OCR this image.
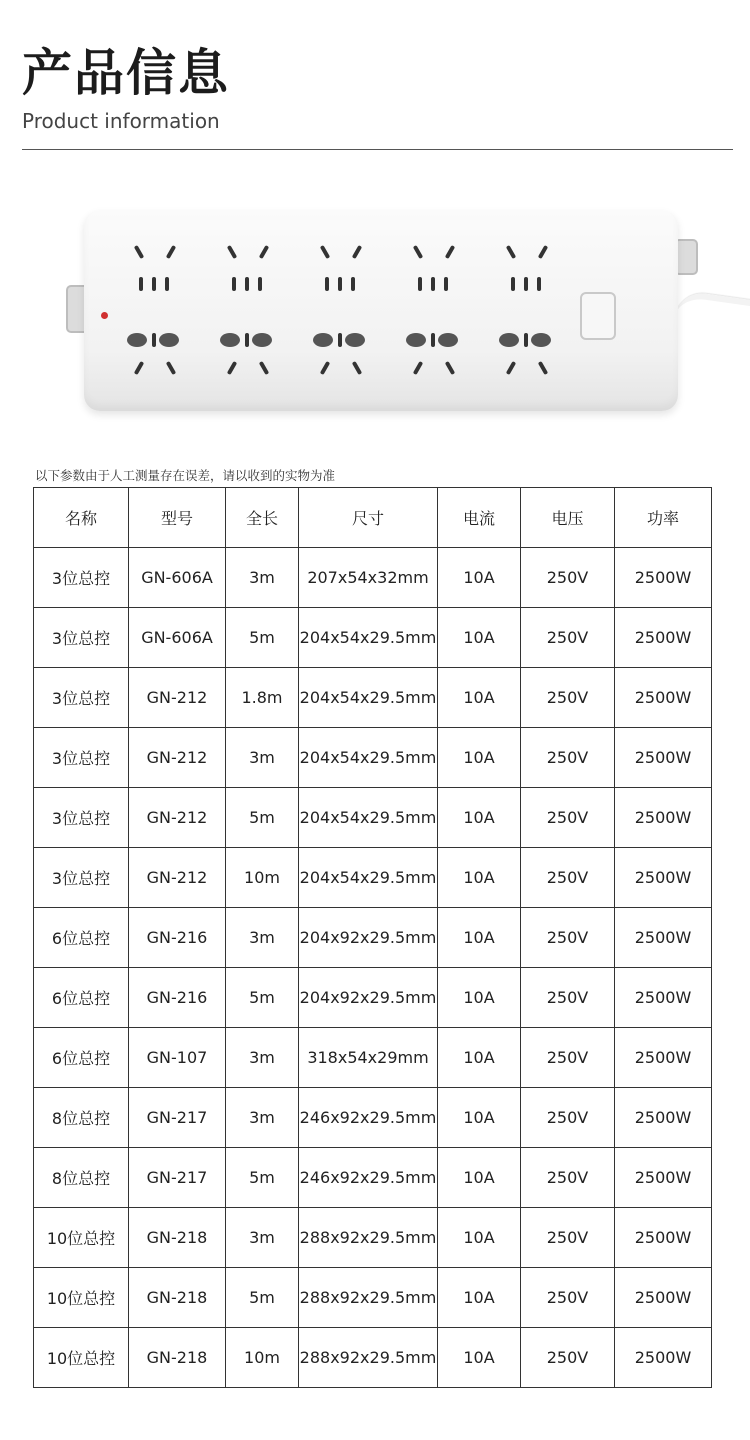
产品信息
Product information
以下参数由于人工测量存在误差，请以收到的实物为准
名称	型号	全长	尺寸	电流	电压	功率
3位总控	GN-606A	3m	207x54x32mm	10A	250V	2500W
3位总控	GN-606A	5m	204x54x29.5mm	10A	250V	2500W
3位总控	GN-212	1.8m	204x54x29.5mm	10A	250V	2500W
3位总控	GN-212	3m	204x54x29.5mm	10A	250V	2500W
3位总控	GN-212	5m	204x54x29.5mm	10A	250V	2500W
3位总控	GN-212	10m	204x54x29.5mm	10A	250V	2500W
6位总控	GN-216	3m	204x92x29.5mm	10A	250V	2500W
6位总控	GN-216	5m	204x92x29.5mm	10A	250V	2500W
6位总控	GN-107	3m	318x54x29mm	10A	250V	2500W
8位总控	GN-217	3m	246x92x29.5mm	10A	250V	2500W
8位总控	GN-217	5m	246x92x29.5mm	10A	250V	2500W
10位总控	GN-218	3m	288x92x29.5mm	10A	250V	2500W
10位总控	GN-218	5m	288x92x29.5mm	10A	250V	2500W
10位总控	GN-218	10m	288x92x29.5mm	10A	250V	2500W
